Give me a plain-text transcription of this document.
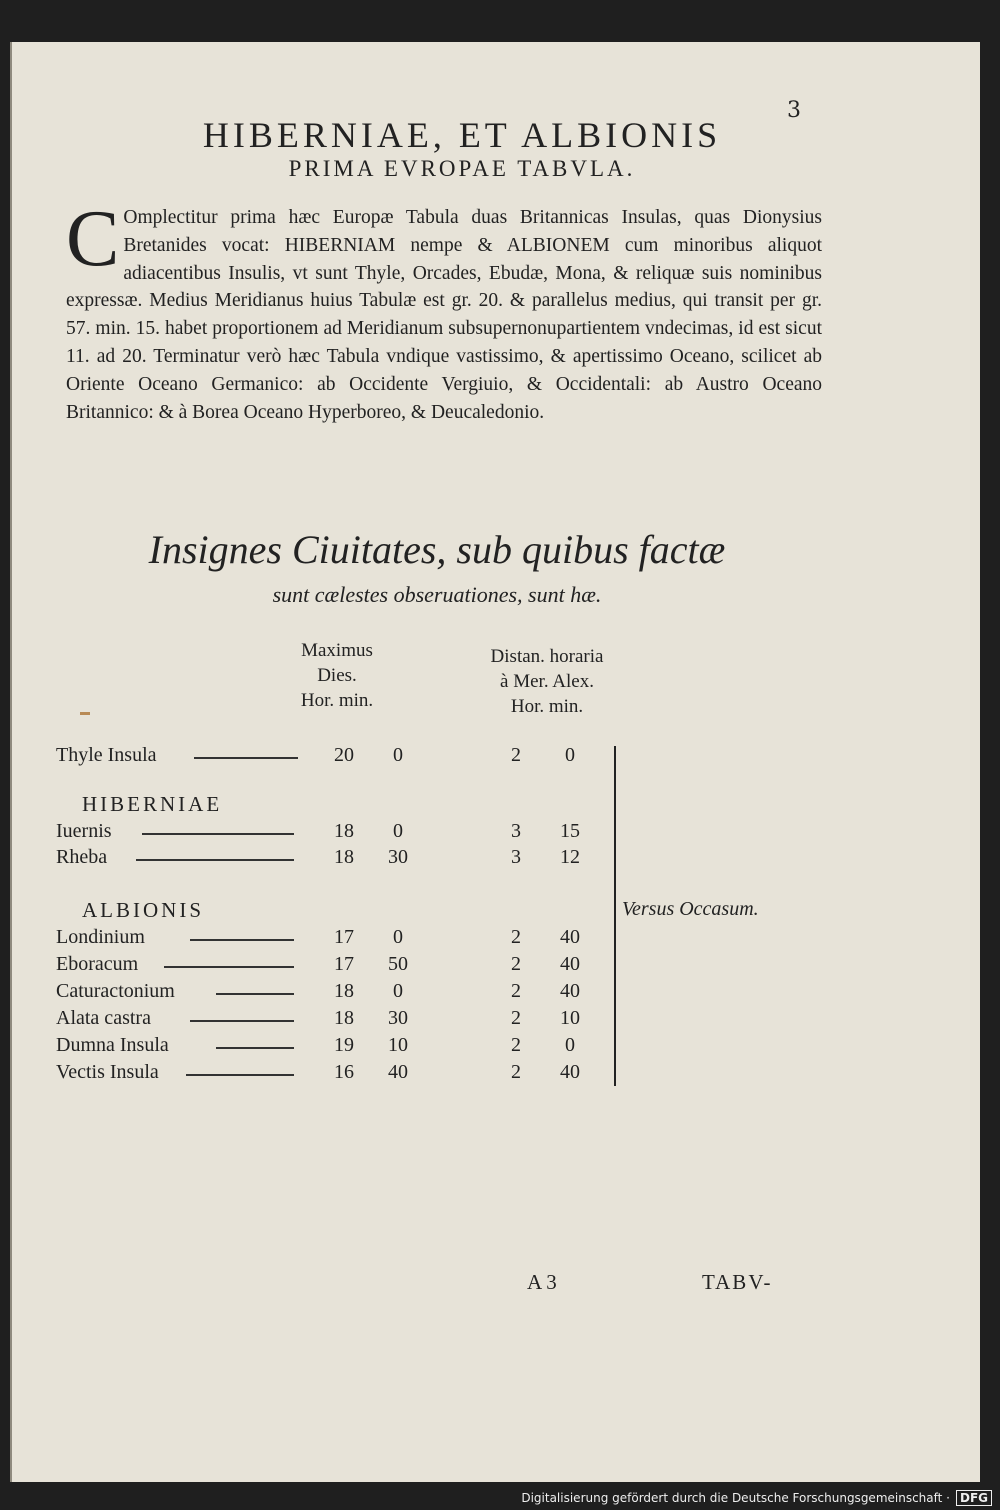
3
HIBERNIAE, ET ALBIONIS
PRIMA EVROPAE TABVLA.
C Omplectitur prima hæc Europæ Tabula duas Britannicas Insulas, quas Dionysius Bretanides vocat: HIBERNIAM nempe & ALBIONEM cum minoribus aliquot adiacentibus Insulis, vt sunt Thyle, Orcades, Ebudæ, Mona, & reliquæ suis nominibus expressæ. Medius Meridianus huius Tabulæ est gr. 20. & parallelus medius, qui transit per gr. 57. min. 15. habet proportionem ad Meridianum subsupernonupartientem vndecimas, id est sicut 11. ad 20. Terminatur verò hæc Tabula vndique vastissimo, & apertissimo Oceano, scilicet ab Oriente Oceano Germanico: ab Occidente Vergiuio, & Occidentali: ab Austro Oceano Britannico: & à Borea Oceano Hyperboreo, & Deucaledonio.
Insignes Ciuitates, sub quibus factæ
sunt cælestes obseruationes, sunt hæ.
Maximus
Dies.
Hor. min.
Distan. horaria
à Mer. Alex.
Hor. min.
Thyle Insula	20	0	2	0
HIBERNIAE
Iuernis	18	0	3	15
Rheba	18	30	3	12
ALBIONIS
Londinium	17	0	2	40
Eboracum	17	50	2	40
Caturactonium	18	0	2	40
Alata castra	18	30	2	10
Dumna Insula	19	10	2	0
Vectis Insula	16	40	2	40
Versus Occasum.
A 3	TABV-
Digitalisierung gefördert durch die Deutsche Forschungsgemeinschaft · DFG
